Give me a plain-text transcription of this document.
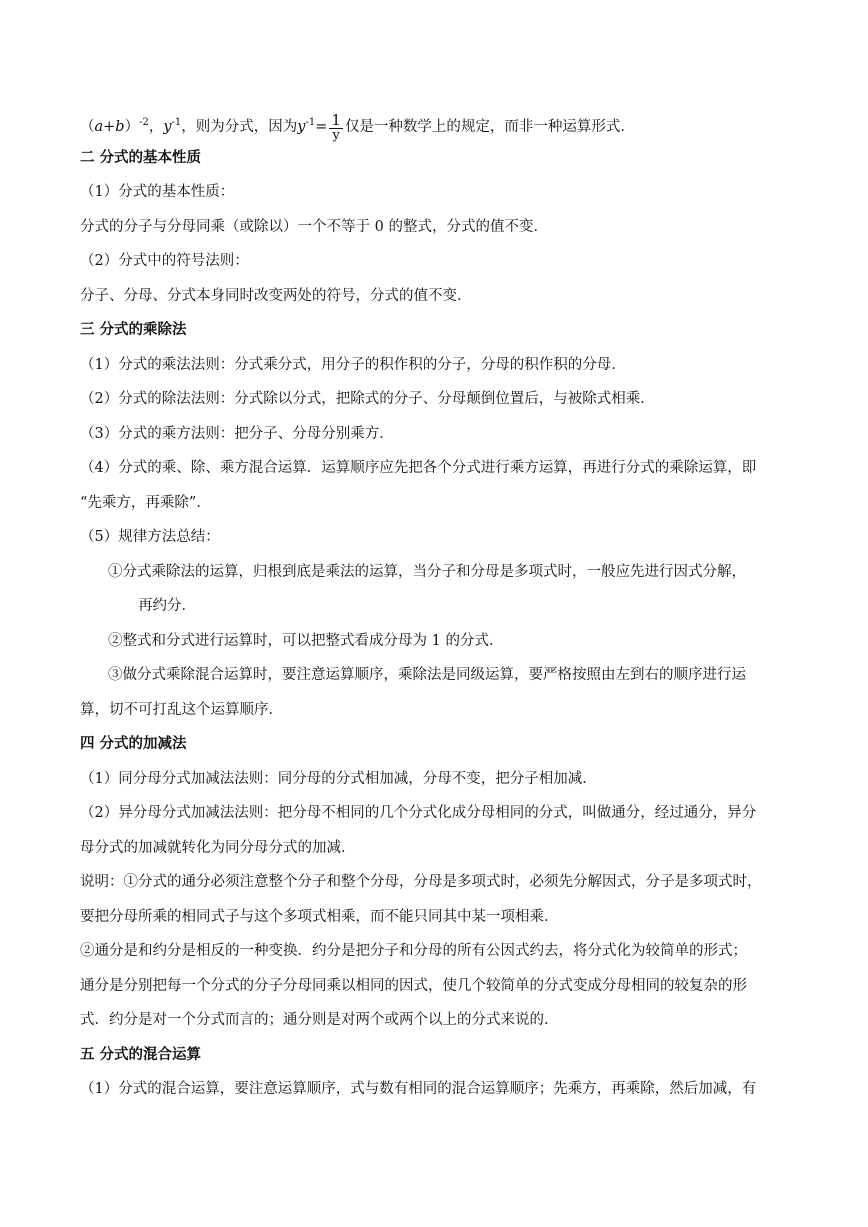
$(a+b)^{-2}$，$y^{-1}$，则为分式，因为$y^{-1}= \frac{1}{y}$ 仅是一种数学上的规定，而非一种运算形式．
二 分式的基本性质
（1）分式的基本性质：
分式的分子与分母同乘（或除以）一个不等于 0 的整式，分式的值不变．
（2）分式中的符号法则：
分子、分母、分式本身同时改变两处的符号，分式的值不变．
三 分式的乘除法
（1）分式的乘法法则：分式乘分式，用分子的积作积的分子，分母的积作积的分母．
（2）分式的除法法则：分式除以分式，把除式的分子、分母颠倒位置后，与被除式相乘．
（3）分式的乘方法则：把分子、分母分别乘方．
（4）分式的乘、除、乘方混合运算．运算顺序应先把各个分式进行乘方运算，再进行分式的乘除运算，即
“先乘方，再乘除”．
（5）规律方法总结：
①分式乘除法的运算，归根到底是乘法的运算，当分子和分母是多项式时，一般应先进行因式分解，
再约分．
②整式和分式进行运算时，可以把整式看成分母为 1 的分式．
③做分式乘除混合运算时，要注意运算顺序，乘除法是同级运算，要严格按照由左到右的顺序进行运
算，切不可打乱这个运算顺序．
四 分式的加减法
（1）同分母分式加减法法则：同分母的分式相加减，分母不变，把分子相加减．
（2）异分母分式加减法法则：把分母不相同的几个分式化成分母相同的分式，叫做通分，经过通分，异分
母分式的加减就转化为同分母分式的加减．
说明：①分式的通分必须注意整个分子和整个分母，分母是多项式时，必须先分解因式，分子是多项式时，
要把分母所乘的相同式子与这个多项式相乘，而不能只同其中某一项相乘．
②通分是和约分是相反的一种变换．约分是把分子和分母的所有公因式约去，将分式化为较简单的形式；
通分是分别把每一个分式的分子分母同乘以相同的因式，使几个较简单的分式变成分母相同的较复杂的形
式．约分是对一个分式而言的；通分则是对两个或两个以上的分式来说的．
五 分式的混合运算
（1）分式的混合运算，要注意运算顺序，式与数有相同的混合运算顺序；先乘方，再乘除，然后加减，有
